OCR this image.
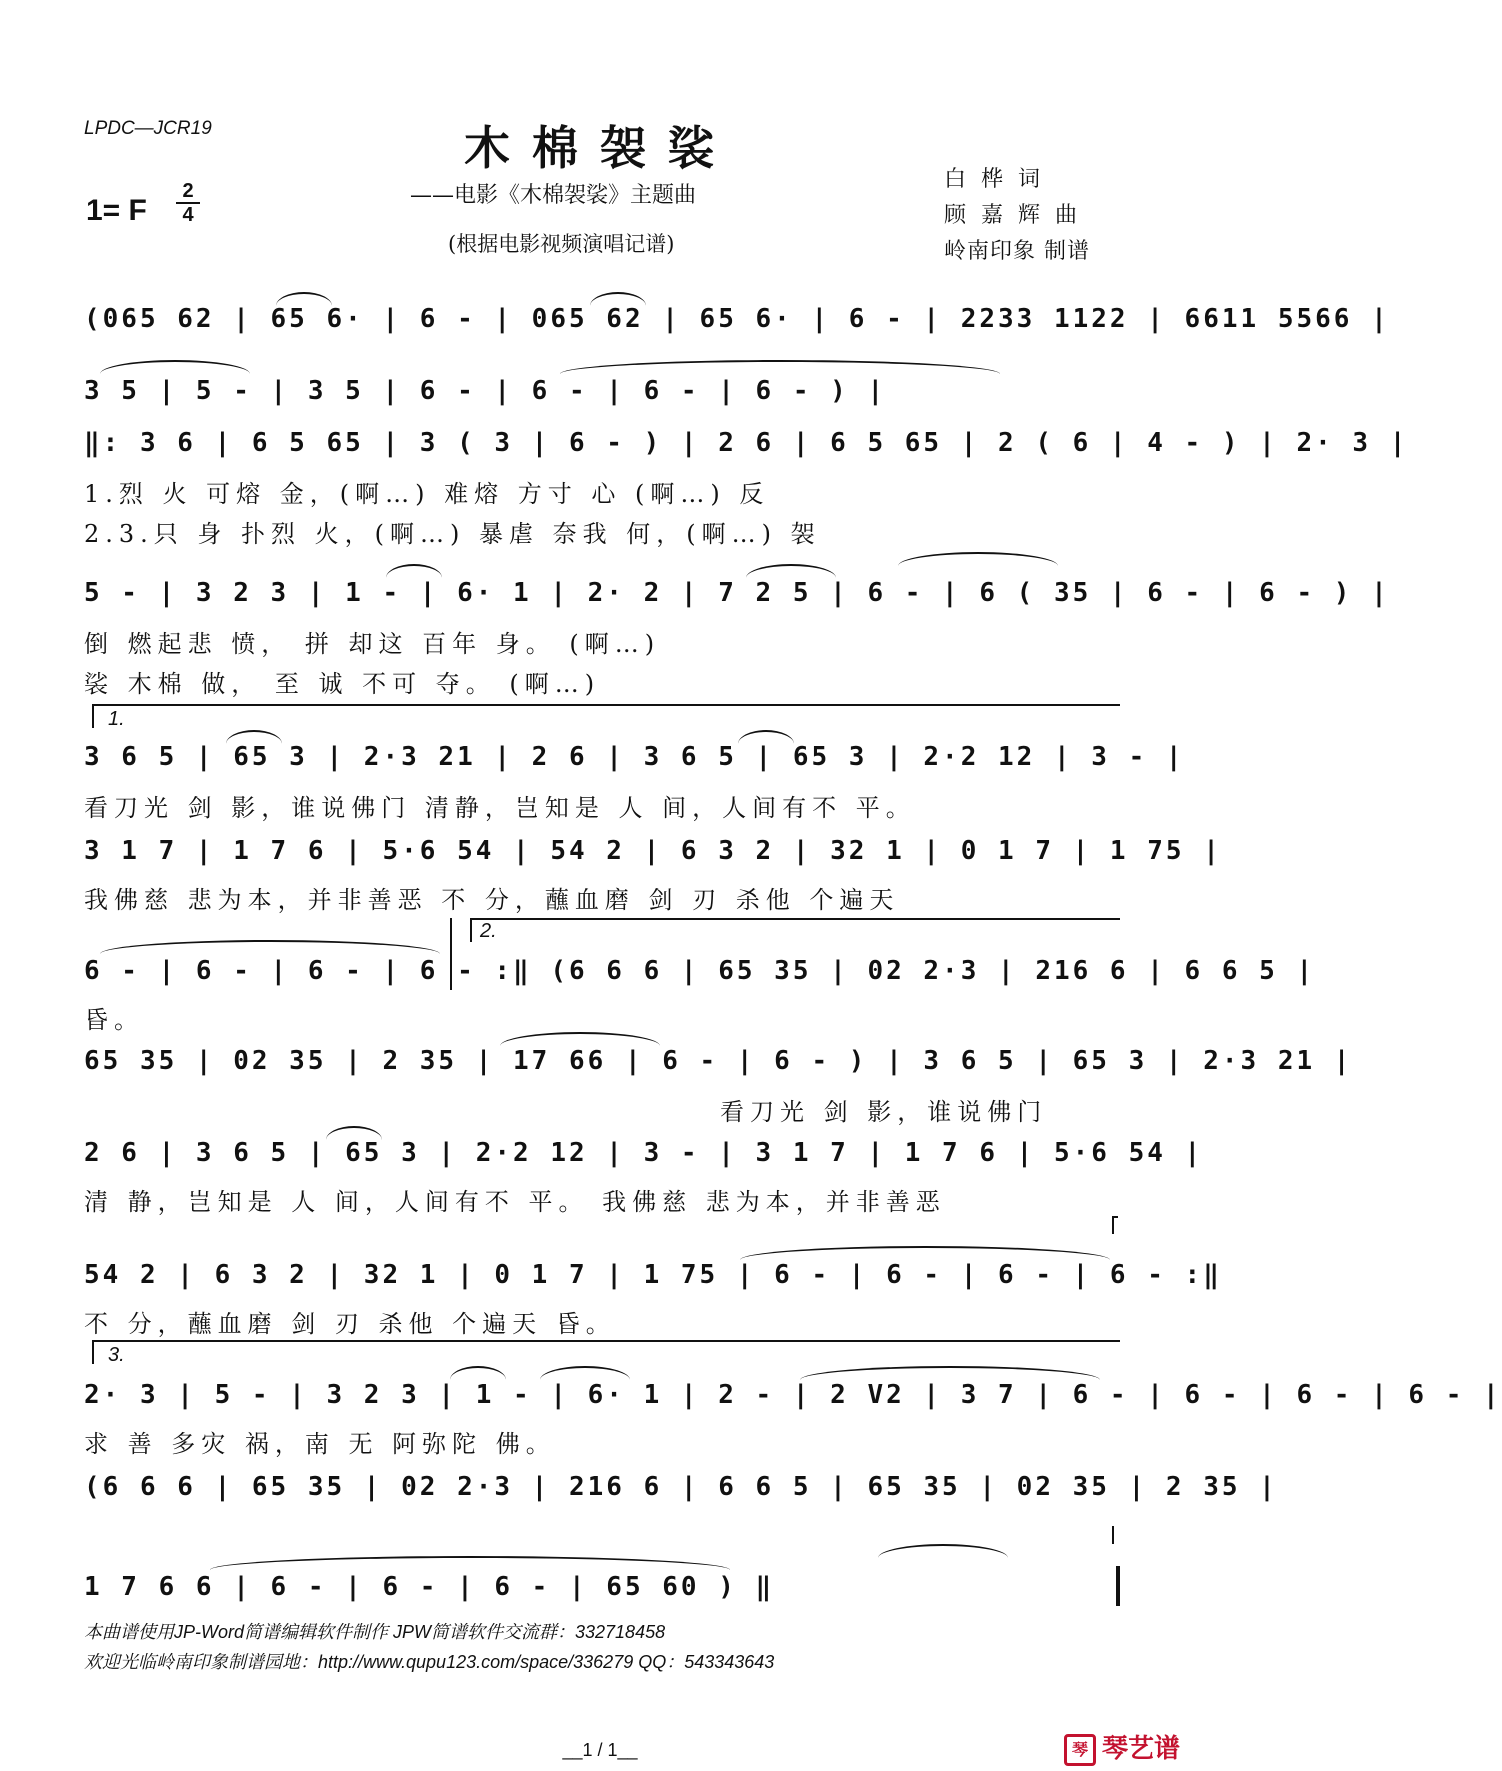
LPDC—JCR19	木棉袈裟
——电影《木棉袈裟》主题曲
(根据电影视频演唱记谱)
1= F
2
4
白 桦 词
顾 嘉 辉 曲
岭南印象 制谱
(065 62 | 65 6· | 6 - | 065 62 | 65 6· | 6 - | 2233 1122 | 6611 5566 |
3 5 | 5 - | 3 5 | 6 - | 6 - | 6 - | 6 - ) |
‖: 3 6 | 6 5 65 | 3 ( 3 | 6 - ) | 2 6 | 6 5 65 | 2 ( 6 | 4 - ) | 2· 3 |
1.烈 火 可熔 金，(啊…) 难熔 方寸 心 (啊…) 反
2.3.只 身 扑烈 火，(啊…) 暴虐 奈我 何，(啊…) 袈
5 - | 3 2 3 | 1 - | 6· 1 | 2· 2 | 7 2 5 | 6 - | 6 ( 35 | 6 - | 6 - ) |
倒 燃起悲 愤， 拼 却这 百年 身。 (啊…)
裟 木棉 做， 至 诚 不可 夺。 (啊…)
1.
3 6 5 | 65 3 | 2·3 21 | 2 6 | 3 6 5 | 65 3 | 2·2 12 | 3 - |
看刀光 剑 影，谁说佛门 清静，岂知是 人 间，人间有不 平。
3 1 7 | 1 7 6 | 5·6 54 | 54 2 | 6 3 2 | 32 1 | 0 1 7 | 1 75 |
我佛慈 悲为本，并非善恶 不 分，蘸血磨 剑 刃 杀他 个遍天
2.
6 - | 6 - | 6 - | 6 - :‖ (6 6 6 | 65 35 | 02 2·3 | 216 6 | 6 6 5 |
昏。
65 35 | 02 35 | 2 35 | 17 66 | 6 - | 6 - ) | 3 6 5 | 65 3 | 2·3 21 |
看刀光 剑 影，谁说佛门
2 6 | 3 6 5 | 65 3 | 2·2 12 | 3 - | 3 1 7 | 1 7 6 | 5·6 54 |
清 静，岂知是 人 间，人间有不 平。 我佛慈 悲为本，并非善恶
54 2 | 6 3 2 | 32 1 | 0 1 7 | 1 75 | 6 - | 6 - | 6 - | 6 - :‖
不 分，蘸血磨 剑 刃 杀他 个遍天 昏。
3.
2· 3 | 5 - | 3 2 3 | 1 - | 6· 1 | 2 - | 2 V2 | 3 7 | 6 - | 6 - | 6 - | 6 - |
求 善 多灾 祸，南 无 阿弥陀 佛。
(6 6 6 | 65 35 | 02 2·3 | 216 6 | 6 6 5 | 65 35 | 02 35 | 2 35 |
1 7 6 6 | 6 - | 6 - | 6 - | 65 60 ) ‖
本曲谱使用JP-Word简谱编辑软件制作 JPW简谱软件交流群：332718458
欢迎光临岭南印象制谱园地：http://www.qupu123.com/space/336279 QQ：543343643
__1 / 1__	琴 琴艺谱
